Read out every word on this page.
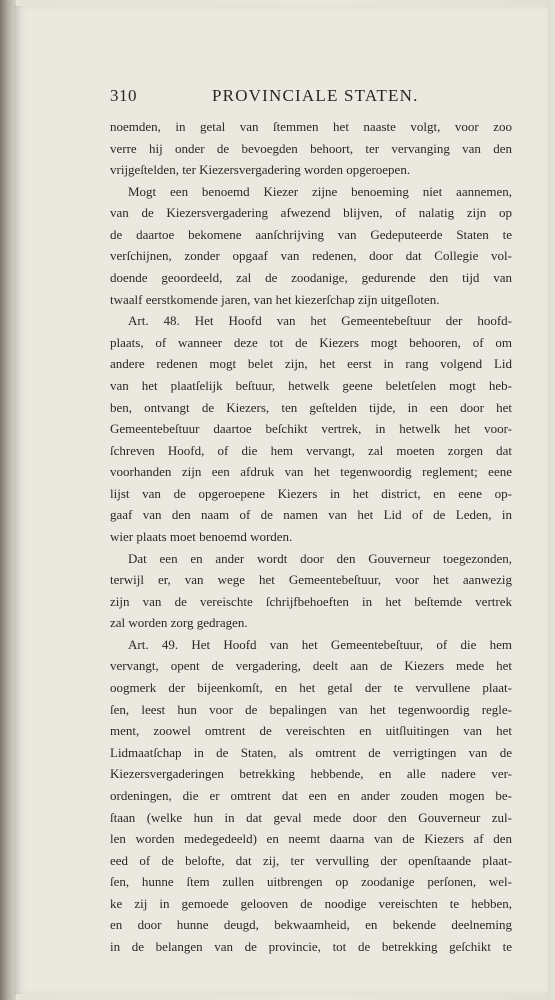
310	PROVINCIALE STATEN.
noemden, in getal van ſtemmen het naaste volgt, voor zoo
verre hij onder de bevoegden behoort, ter vervanging van den
vrijgeſtelden, ter Kiezersvergadering worden opgeroepen.
Mogt een benoemd Kiezer zijne benoeming niet aannemen,
van de Kiezersvergadering afwezend blijven, of nalatig zijn op
de daartoe bekomene aanſchrijving van Gedeputeerde Staten te
verſchijnen, zonder opgaaf van redenen, door dat Collegie vol-
doende geoordeeld, zal de zoodanige, gedurende den tijd van
twaalf eerstkomende jaren, van het kiezerſchap zijn uitgeſloten.
Art. 48. Het Hoofd van het Gemeentebeſtuur der hoofd-
plaats, of wanneer deze tot de Kiezers mogt behooren, of om
andere redenen mogt belet zijn, het eerst in rang volgend Lid
van het plaatſelijk beſtuur, hetwelk geene beletſelen mogt heb-
ben, ontvangt de Kiezers, ten geſtelden tijde, in een door het
Gemeentebeſtuur daartoe beſchikt vertrek, in hetwelk het voor-
ſchreven Hoofd, of die hem vervangt, zal moeten zorgen dat
voorhanden zijn een afdruk van het tegenwoordig reglement; eene
lijst van de opgeroepene Kiezers in het district, en eene op-
gaaf van den naam of de namen van het Lid of de Leden, in
wier plaats moet benoemd worden.
Dat een en ander wordt door den Gouverneur toegezonden,
terwijl er, van wege het Gemeentebeſtuur, voor het aanwezig
zijn van de vereischte ſchrijfbehoeften in het beſtemde vertrek
zal worden zorg gedragen.
Art. 49. Het Hoofd van het Gemeentebeſtuur, of die hem
vervangt, opent de vergadering, deelt aan de Kiezers mede het
oogmerk der bijeenkomſt, en het getal der te vervullene plaat-
ſen, leest hun voor de bepalingen van het tegenwoordig regle-
ment, zoowel omtrent de vereischten en uitſluitingen van het
Lidmaatſchap in de Staten, als omtrent de verrigtingen van de
Kiezersvergaderingen betrekking hebbende, en alle nadere ver-
ordeningen, die er omtrent dat een en ander zouden mogen be-
ſtaan (welke hun in dat geval mede door den Gouverneur zul-
len worden medegedeeld) en neemt daarna van de Kiezers af den
eed of de belofte, dat zij, ter vervulling der openſtaande plaat-
ſen, hunne ſtem zullen uitbrengen op zoodanige perſonen, wel-
ke zij in gemoede gelooven de noodige vereischten te hebben,
en door hunne deugd, bekwaamheid, en bekende deelneming
in de belangen van de provincie, tot de betrekking geſchikt te
